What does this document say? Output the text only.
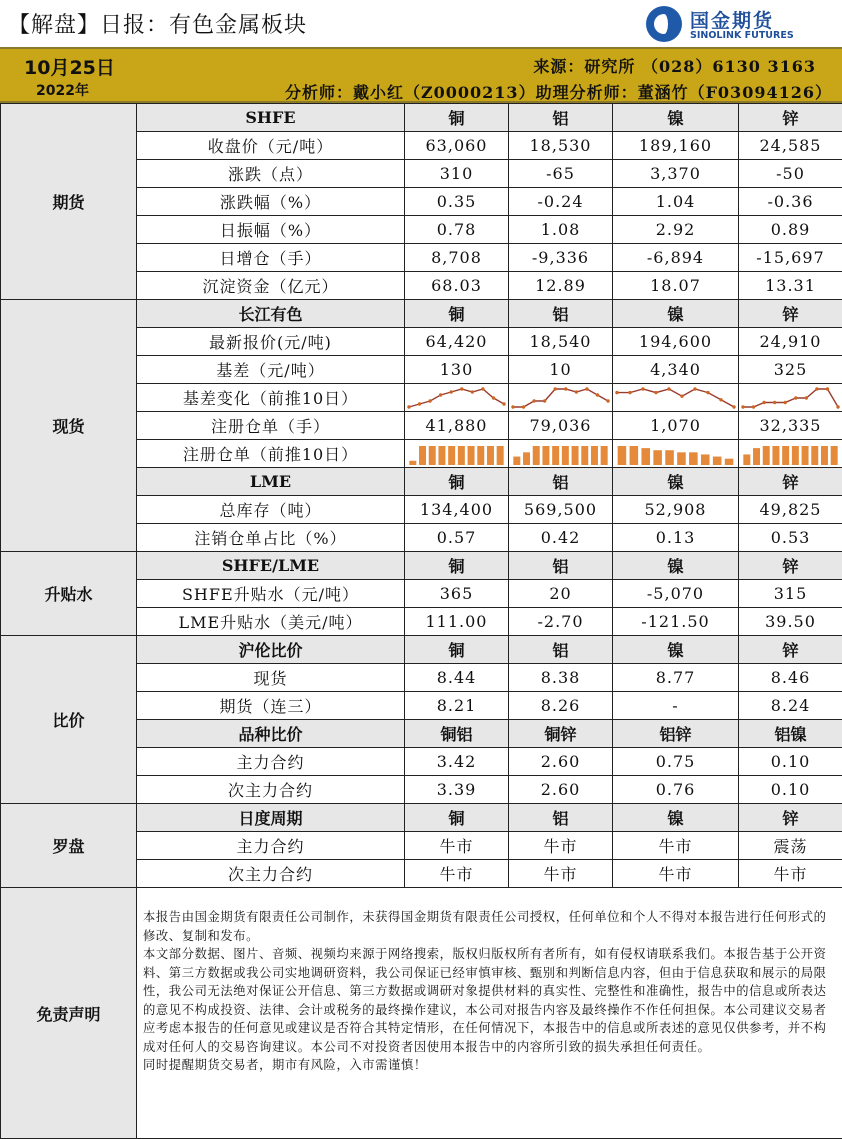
【解盘】日报：有色金属板块	国金期货
SINOLINK FUTURES
10月25日
2022年
来源：研究所 （028）6130 3163
分析师：戴小红（Z0000213）助理分析师：董涵竹（F03094126）
期货	SHFE	铜	铝	镍	锌
	收盘价（元/吨）	63,060	18,530	189,160	24,585
	涨跌（点）	310	-65	3,370	-50
	涨跌幅（%）	0.35	-0.24	1.04	-0.36
	日振幅（%）	0.78	1.08	2.92	0.89
	日增仓（手）	8,708	-9,336	-6,894	-15,697
	沉淀资金（亿元）	68.03	12.89	18.07	13.31
现货	长江有色	铜	铝	镍	锌
	最新报价(元/吨)	64,420	18,540	194,600	24,910
	基差（元/吨）	130	10	4,340	325
	基差变化（前推10日）	

	注册仓单（手）	41,880	79,036	1,070	32,335
	注册仓单（前推10日）	

	LME	铜	铝	镍	锌
	总库存（吨）	134,400	569,500	52,908	49,825
	注销仓单占比（%）	0.57	0.42	0.13	0.53
升贴水	SHFE/LME	铜	铝	镍	锌
	SHFE升贴水（元/吨）	365	20	-5,070	315
	LME升贴水（美元/吨）	111.00	-2.70	-121.50	39.50
比价	沪伦比价	铜	铝	镍	锌
	现货	8.44	8.38	8.77	8.46
	期货（连三）	8.21	8.26	-	8.24
	品种比价	铜铝	铜锌	铝锌	铝镍
	主力合约	3.42	2.60	0.75	0.10
	次主力合约	3.39	2.60	0.76	0.10
罗盘	日度周期	铜	铝	镍	锌
	主力合约	牛市	牛市	牛市	震荡
	次主力合约	牛市	牛市	牛市	牛市
免责声明	本报告由国金期货有限责任公司制作，未获得国金期货有限责任公司授权，任何单位和个人不得对本报告进行任何形式的修改、复制和发布。

本文部分数据、图片、音频、视频均来源于网络搜索，版权归版权所有者所有，如有侵权请联系我们。本报告基于公开资料、第三方数据或我公司实地调研资料，我公司保证已经审慎审核、甄别和判断信息内容，但由于信息获取和展示的局限性，我公司无法绝对保证公开信息、第三方数据或调研对象提供材料的真实性、完整性和准确性，报告中的信息或所表达的意见不构成投资、法律、会计或税务的最终操作建议，本公司对报告内容及最终操作不作任何担保。本公司建议交易者应考虑本报告的任何意见或建议是否符合其特定情形，在任何情况下，本报告中的信息或所表述的意见仅供参考，并不构成对任何人的交易咨询建议。本公司不对投资者因使用本报告中的内容所引致的损失承担任何责任。

同时提醒期货交易者，期市有风险，入市需谨慎！				
